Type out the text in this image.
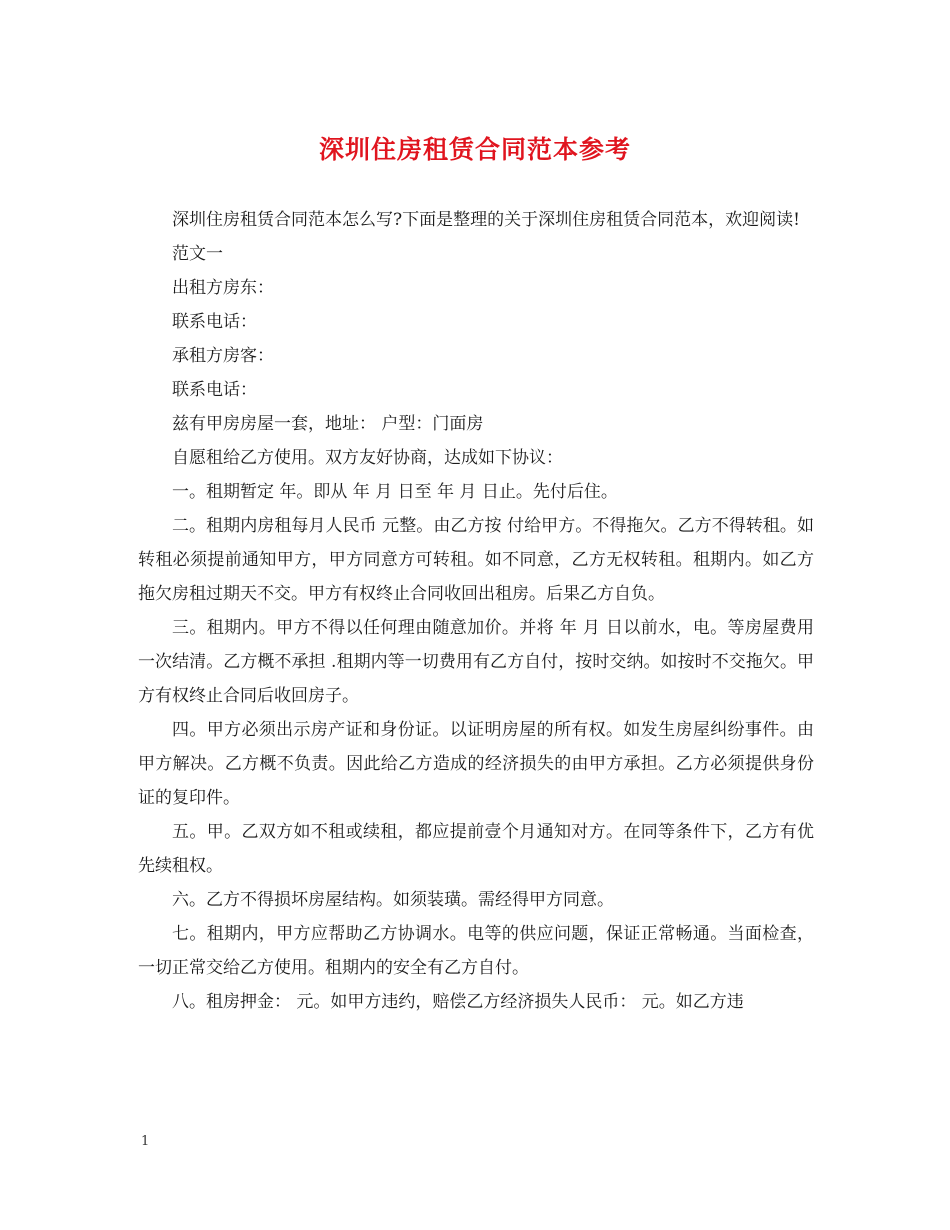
深圳住房租赁合同范本参考

深圳住房租赁合同范本怎么写?下面是整理的关于深圳住房租赁合同范本，欢迎阅读!

范文一

出租方房东：

联系电话：

承租方房客：

联系电话：

兹有甲房房屋一套，地址： 户型：门面房

自愿租给乙方使用。双方友好协商，达成如下协议：

一。租期暂定 年。即从 年 月 日至 年 月 日止。先付后住。

二。租期内房租每月人民币 元整。由乙方按 付给甲方。不得拖欠。乙方不得转租。如转租必须提前通知甲方，甲方同意方可转租。如不同意，乙方无权转租。租期内。如乙方拖欠房租过期天不交。甲方有权终止合同收回出租房。后果乙方自负。

三。租期内。甲方不得以任何理由随意加价。并将 年 月 日以前水，电。等房屋费用一次结清。乙方概不承担 .租期内等一切费用有乙方自付，按时交纳。如按时不交拖欠。甲方有权终止合同后收回房子。

四。甲方必须出示房产证和身份证。以证明房屋的所有权。如发生房屋纠纷事件。由甲方解决。乙方概不负责。因此给乙方造成的经济损失的由甲方承担。乙方必须提供身份证的复印件。

五。甲。乙双方如不租或续租，都应提前壹个月通知对方。在同等条件下，乙方有优先续租权。

六。乙方不得损坏房屋结构。如须装璜。需经得甲方同意。

七。租期内，甲方应帮助乙方协调水。电等的供应问题，保证正常畅通。当面检查，一切正常交给乙方使用。租期内的安全有乙方自付。

八。租房押金： 元。如甲方违约，赔偿乙方经济损失人民币： 元。如乙方违

1
